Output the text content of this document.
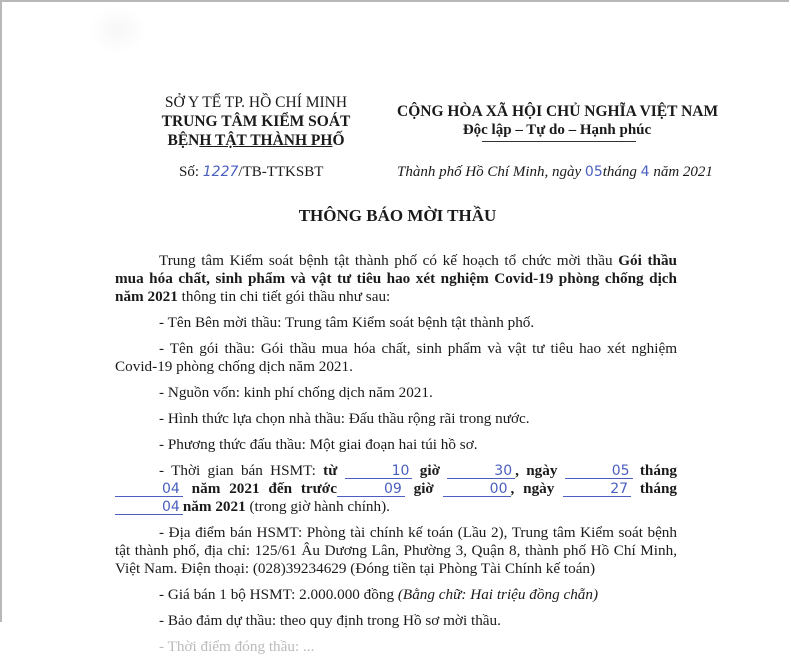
SỞ Y TẾ TP. HỒ CHÍ MINH
TRUNG TÂM KIỂM SOÁT
BỆNH TẬT THÀNH PHỐ
CỘNG HÒA XÃ HỘI CHỦ NGHĨA VIỆT NAM
Độc lập – Tự do – Hạnh phúc
Số: 1227/TB-TTKSBT	Thành phố Hồ Chí Minh, ngày 05tháng 4 năm 2021
THÔNG BÁO MỜI THẦU

Trung tâm Kiểm soát bệnh tật thành phố có kế hoạch tổ chức mời thầu Gói thầu mua hóa chất, sinh phẩm và vật tư tiêu hao xét nghiệm Covid-19 phòng chống dịch năm 2021 thông tin chi tiết gói thầu như sau:

- Tên Bên mời thầu: Trung tâm Kiểm soát bệnh tật thành phố.

- Tên gói thầu: Gói thầu mua hóa chất, sinh phẩm và vật tư tiêu hao xét nghiệm Covid-19 phòng chống dịch năm 2021.

- Nguồn vốn: kinh phí chống dịch năm 2021.

- Hình thức lựa chọn nhà thầu: Đấu thầu rộng rãi trong nước.

- Phương thức đấu thầu: Một giai đoạn hai túi hồ sơ.

- Thời gian bán HSMT: từ	10 giờ	30 , ngày	05 tháng 04 năm 2021 đến trước	09 giờ	00 , ngày	27 tháng 04 năm 2021 (trong giờ hành chính).

- Địa điểm bán HSMT: Phòng tài chính kế toán (Lầu 2), Trung tâm Kiểm soát bệnh tật thành phố, địa chỉ: 125/61 Âu Dương Lân, Phường 3, Quận 8, thành phố Hồ Chí Minh, Việt Nam. Điện thoại: (028)39234629 (Đóng tiền tại Phòng Tài Chính kế toán)

- Giá bán 1 bộ HSMT: 2.000.000 đồng (Bằng chữ: Hai triệu đồng chẵn)

- Bảo đảm dự thầu: theo quy định trong Hồ sơ mời thầu.

- Thời điểm đóng thầu: ...
